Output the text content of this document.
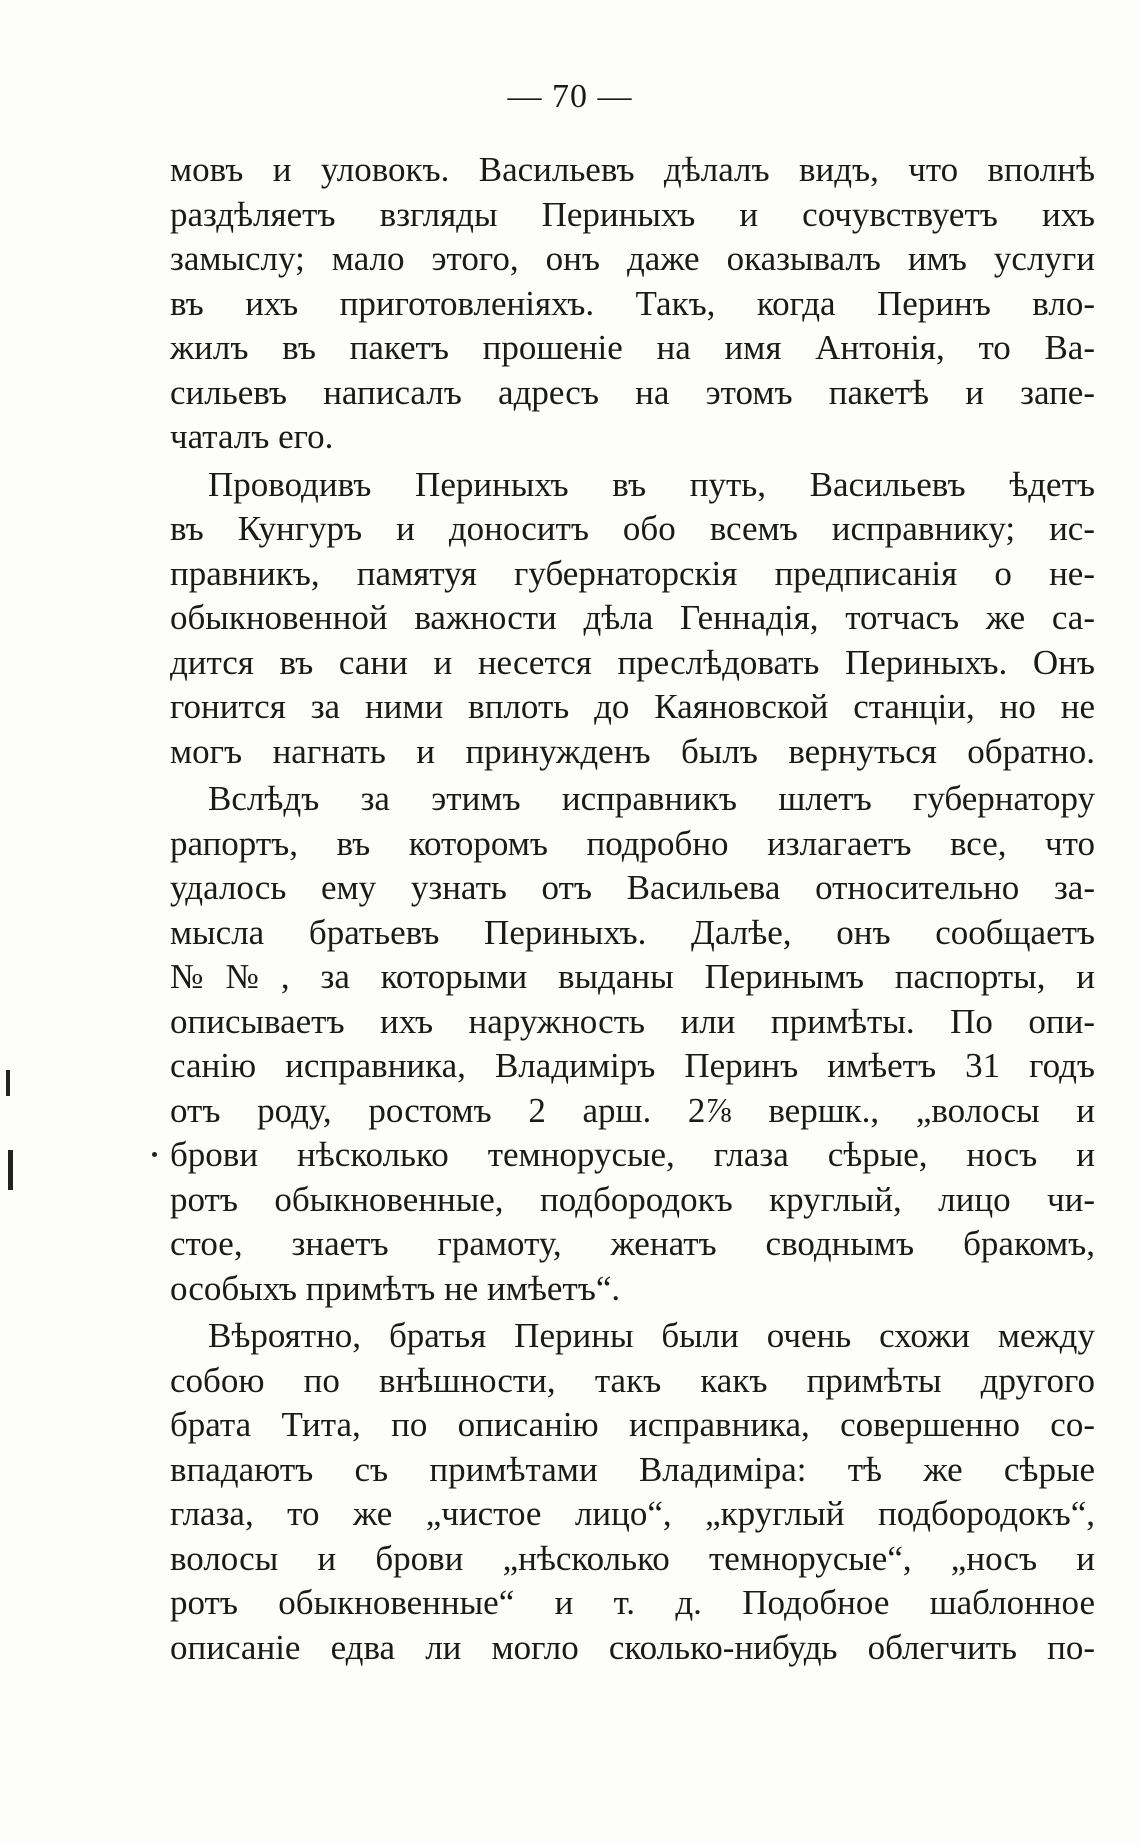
— 70 —

мовъ и уловокъ. Васильевъ дѣлалъ видъ, что вполнѣ
раздѣляетъ взгляды Периныхъ и сочувствуетъ ихъ
замыслу; мало этого, онъ даже оказывалъ имъ услуги
въ ихъ приготовленіяхъ. Такъ, когда Перинъ вло-
жилъ въ пакетъ прошеніе на имя Антонія, то Ва-
сильевъ написалъ адресъ на этомъ пакетѣ и запе-
чаталъ его.

Проводивъ Периныхъ въ путь, Васильевъ ѣдетъ
въ Кунгуръ и доноситъ обо всемъ исправнику; ис-
правникъ, памятуя губернаторскія предписанія о не-
обыкновенной важности дѣла Геннадія, тотчасъ же са-
дится въ сани и несется преслѣдовать Периныхъ. Онъ
гонится за ними вплоть до Каяновской станціи, но не
могъ нагнать и принужденъ былъ вернуться обратно.

Вслѣдъ за этимъ исправникъ шлетъ губернатору
рапортъ, въ которомъ подробно излагаетъ все, что
удалось ему узнать отъ Васильева относительно за-
мысла братьевъ Периныхъ. Далѣе, онъ сообщаетъ
№№, за которыми выданы Перинымъ паспорты, и
описываетъ ихъ наружность или примѣты. По опи-
санію исправника, Владиміръ Перинъ имѣетъ 31 годъ
отъ роду, ростомъ 2 арш. 2⅞ вершк., „волосы и
брови нѣсколько темнорусые, глаза сѣрые, носъ и
ротъ обыкновенные, подбородокъ круглый, лицо чи-
стое, знаетъ грамоту, женатъ своднымъ бракомъ,
особыхъ примѣтъ не имѣетъ“.

Вѣроятно, братья Перины были очень схожи между
собою по внѣшности, такъ какъ примѣты другого
брата Тита, по описанію исправника, совершенно со-
впадаютъ съ примѣтами Владиміра: тѣ же сѣрые
глаза, то же „чистое лицо“, „круглый подбородокъ“,
волосы и брови „нѣсколько темнорусые“, „носъ и
ротъ обыкновенные“ и т. д. Подобное шаблонное
описаніе едва ли могло сколько-нибудь облегчить по-
